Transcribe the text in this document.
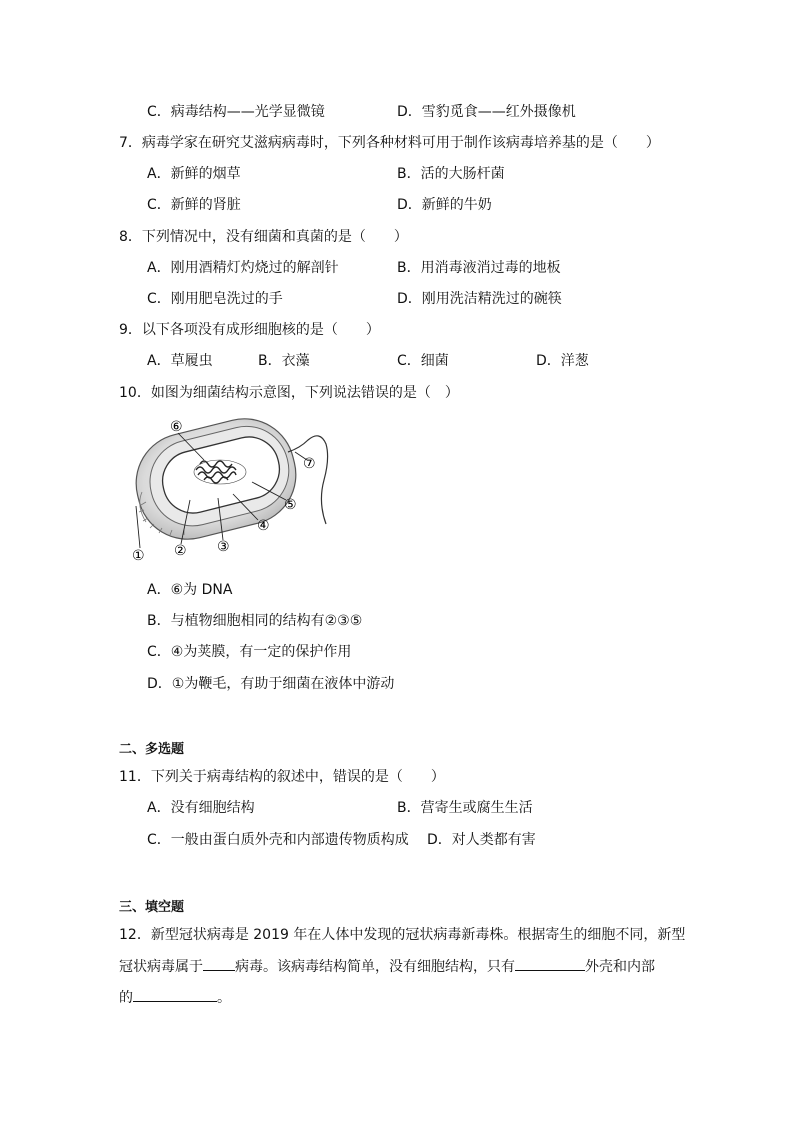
C．病毒结构——光学显微镜	D．雪豹觅食——红外摄像机
7．病毒学家在研究艾滋病病毒时，下列各种材料可用于制作该病毒培养基的是（　　）
A．新鲜的烟草	B．活的大肠杆菌
C．新鲜的肾脏	D．新鲜的牛奶
8．下列情况中，没有细菌和真菌的是（　　）
A．刚用酒精灯灼烧过的解剖针	B．用消毒液消过毒的地板
C．刚用肥皂洗过的手	D．刚用洗洁精洗过的碗筷
9．以下各项没有成形细胞核的是（　　）
A．草履虫	B．衣藻	C．细菌	D．洋葱
10．如图为细菌结构示意图，下列说法错误的是（　）
⑥
⑦
⑤
④
③
②
①
A．⑥为 DNA
B．与植物细胞相同的结构有②③⑤
C．④为荚膜，有一定的保护作用
D．①为鞭毛，有助于细菌在液体中游动
二、多选题
11．下列关于病毒结构的叙述中，错误的是（　　）
A．没有细胞结构	B．营寄生或腐生生活
C．一般由蛋白质外壳和内部遗传物质构成 D．对人类都有害
三、填空题
12．新型冠状病毒是 2019 年在人体中发现的冠状病毒新毒株。根据寄生的细胞不同，新型
冠状病毒属于 病毒。该病毒结构简单，没有细胞结构，只有	外壳和内部
的	。
